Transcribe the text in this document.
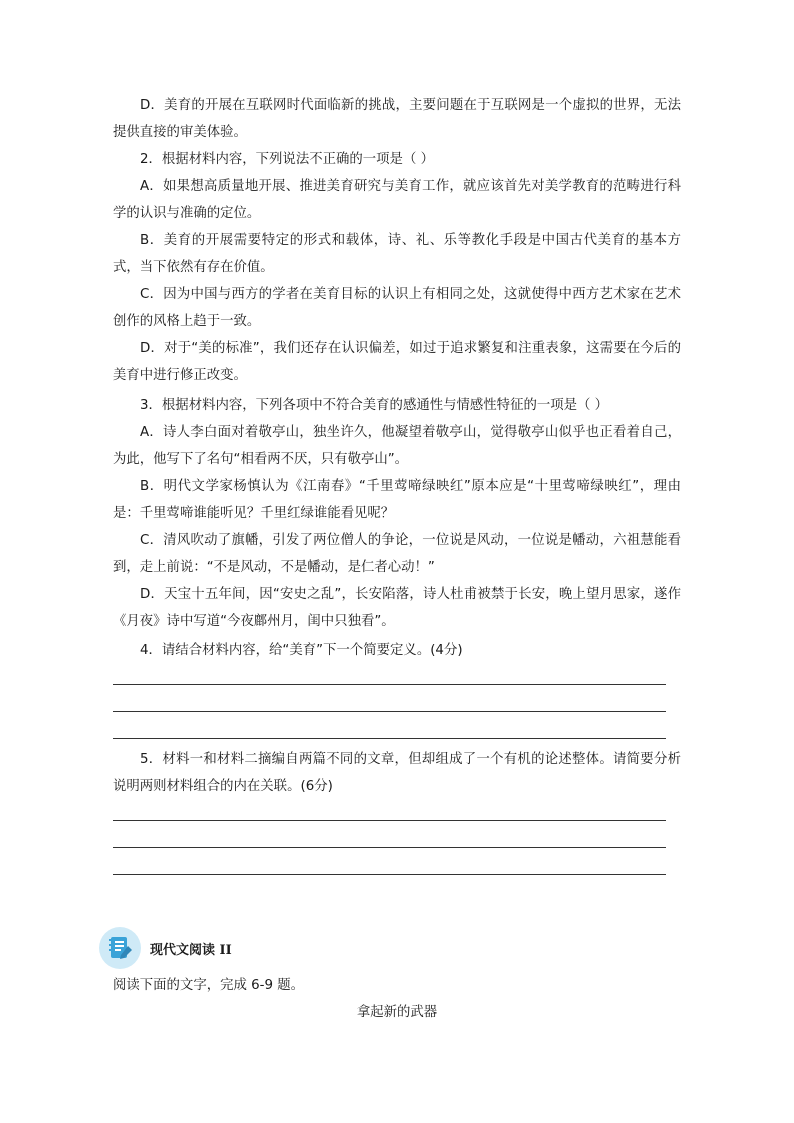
D．美育的开展在互联网时代面临新的挑战，主要问题在于互联网是一个虚拟的世界，无法提供直接的审美体验。

2．根据材料内容，下列说法不正确的一项是（ ）

A．如果想高质量地开展、推进美育研究与美育工作，就应该首先对美学教育的范畴进行科学的认识与准确的定位。

B．美育的开展需要特定的形式和载体，诗、礼、乐等教化手段是中国古代美育的基本方式，当下依然有存在价值。

C．因为中国与西方的学者在美育目标的认识上有相同之处，这就使得中西方艺术家在艺术创作的风格上趋于一致。

D．对于“美的标准”，我们还存在认识偏差，如过于追求繁复和注重表象，这需要在今后的美育中进行修正改变。

3．根据材料内容，下列各项中不符合美育的感通性与情感性特征的一项是（ ）

A．诗人李白面对着敬亭山，独坐许久，他凝望着敬亭山，觉得敬亭山似乎也正看着自己，为此，他写下了名句“相看两不厌，只有敬亭山”。

B．明代文学家杨慎认为《江南春》“千里莺啼绿映红”原本应是“十里莺啼绿映红”，理由是：千里莺啼谁能听见？千里红绿谁能看见呢？

C．清风吹动了旗幡，引发了两位僧人的争论，一位说是风动，一位说是幡动，六祖慧能看到，走上前说：“不是风动，不是幡动，是仁者心动！”

D．天宝十五年间，因“安史之乱”，长安陷落，诗人杜甫被禁于长安，晚上望月思家，遂作《月夜》诗中写道“今夜鄜州月，闺中只独看”。

4．请结合材料内容，给“美育”下一个简要定义。(4分)

5．材料一和材料二摘编自两篇不同的文章，但却组成了一个有机的论述整体。请简要分析说明两则材料组合的内在关联。(6分)

现代文阅读 II

阅读下面的文字，完成 6-9 题。

拿起新的武器
